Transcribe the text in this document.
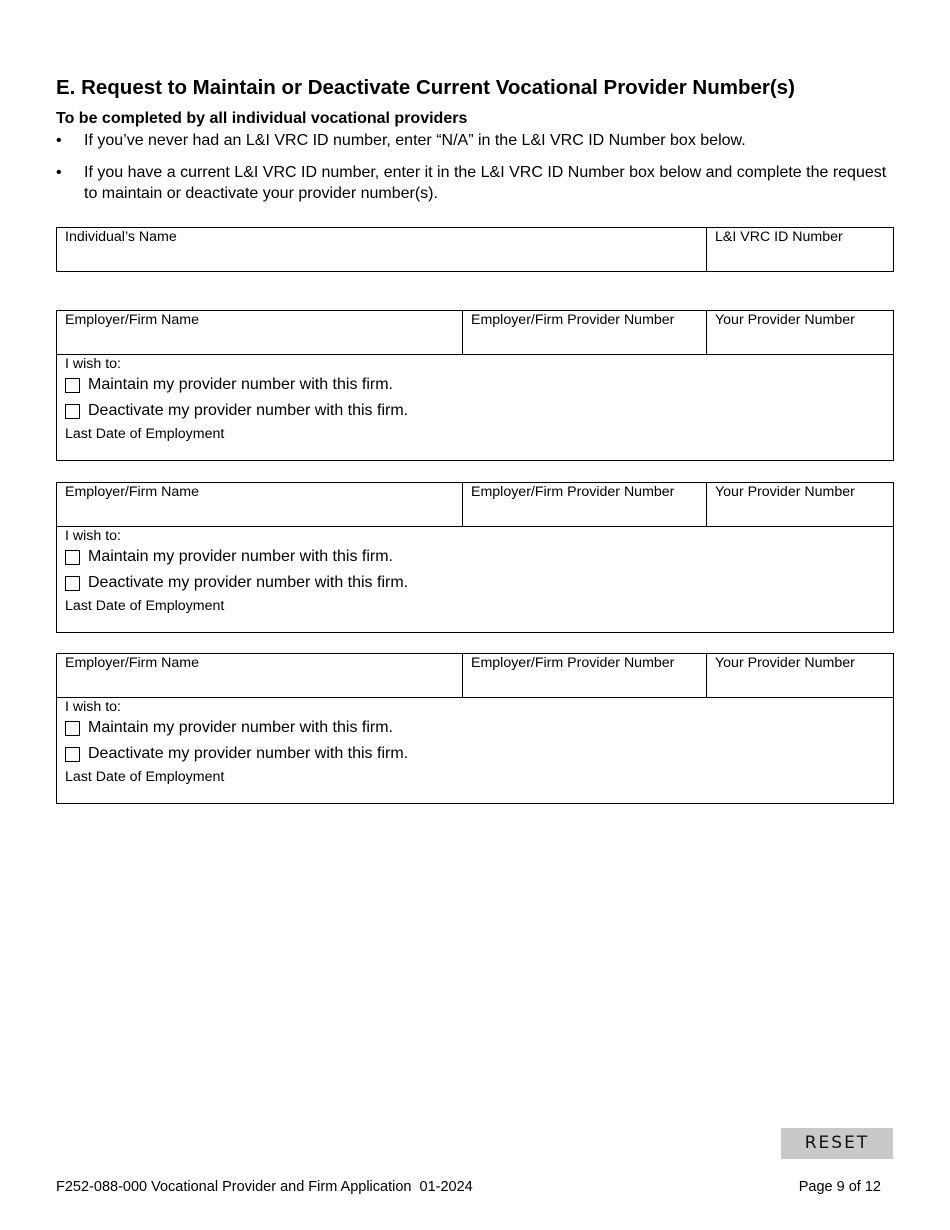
E. Request to Maintain or Deactivate Current Vocational Provider Number(s)
To be completed by all individual vocational providers
• If you’ve never had an L&I VRC ID number, enter “N/A” in the L&I VRC ID Number box below.
• If you have a current L&I VRC ID number, enter it in the L&I VRC ID Number box below and complete the request to maintain or deactivate your provider number(s).
Individual’s Name	L&I VRC ID Number
Employer/Firm Name	Employer/Firm Provider Number	Your Provider Number
I wish to:
Maintain my provider number with this firm.
Deactivate my provider number with this firm.
Last Date of Employment
Employer/Firm Name	Employer/Firm Provider Number	Your Provider Number
I wish to:
Maintain my provider number with this firm.
Deactivate my provider number with this firm.
Last Date of Employment
Employer/Firm Name	Employer/Firm Provider Number	Your Provider Number
I wish to:
Maintain my provider number with this firm.
Deactivate my provider number with this firm.
Last Date of Employment
RESET
F252-088-000 Vocational Provider and Firm Application  01-2024	Page 9 of 12
